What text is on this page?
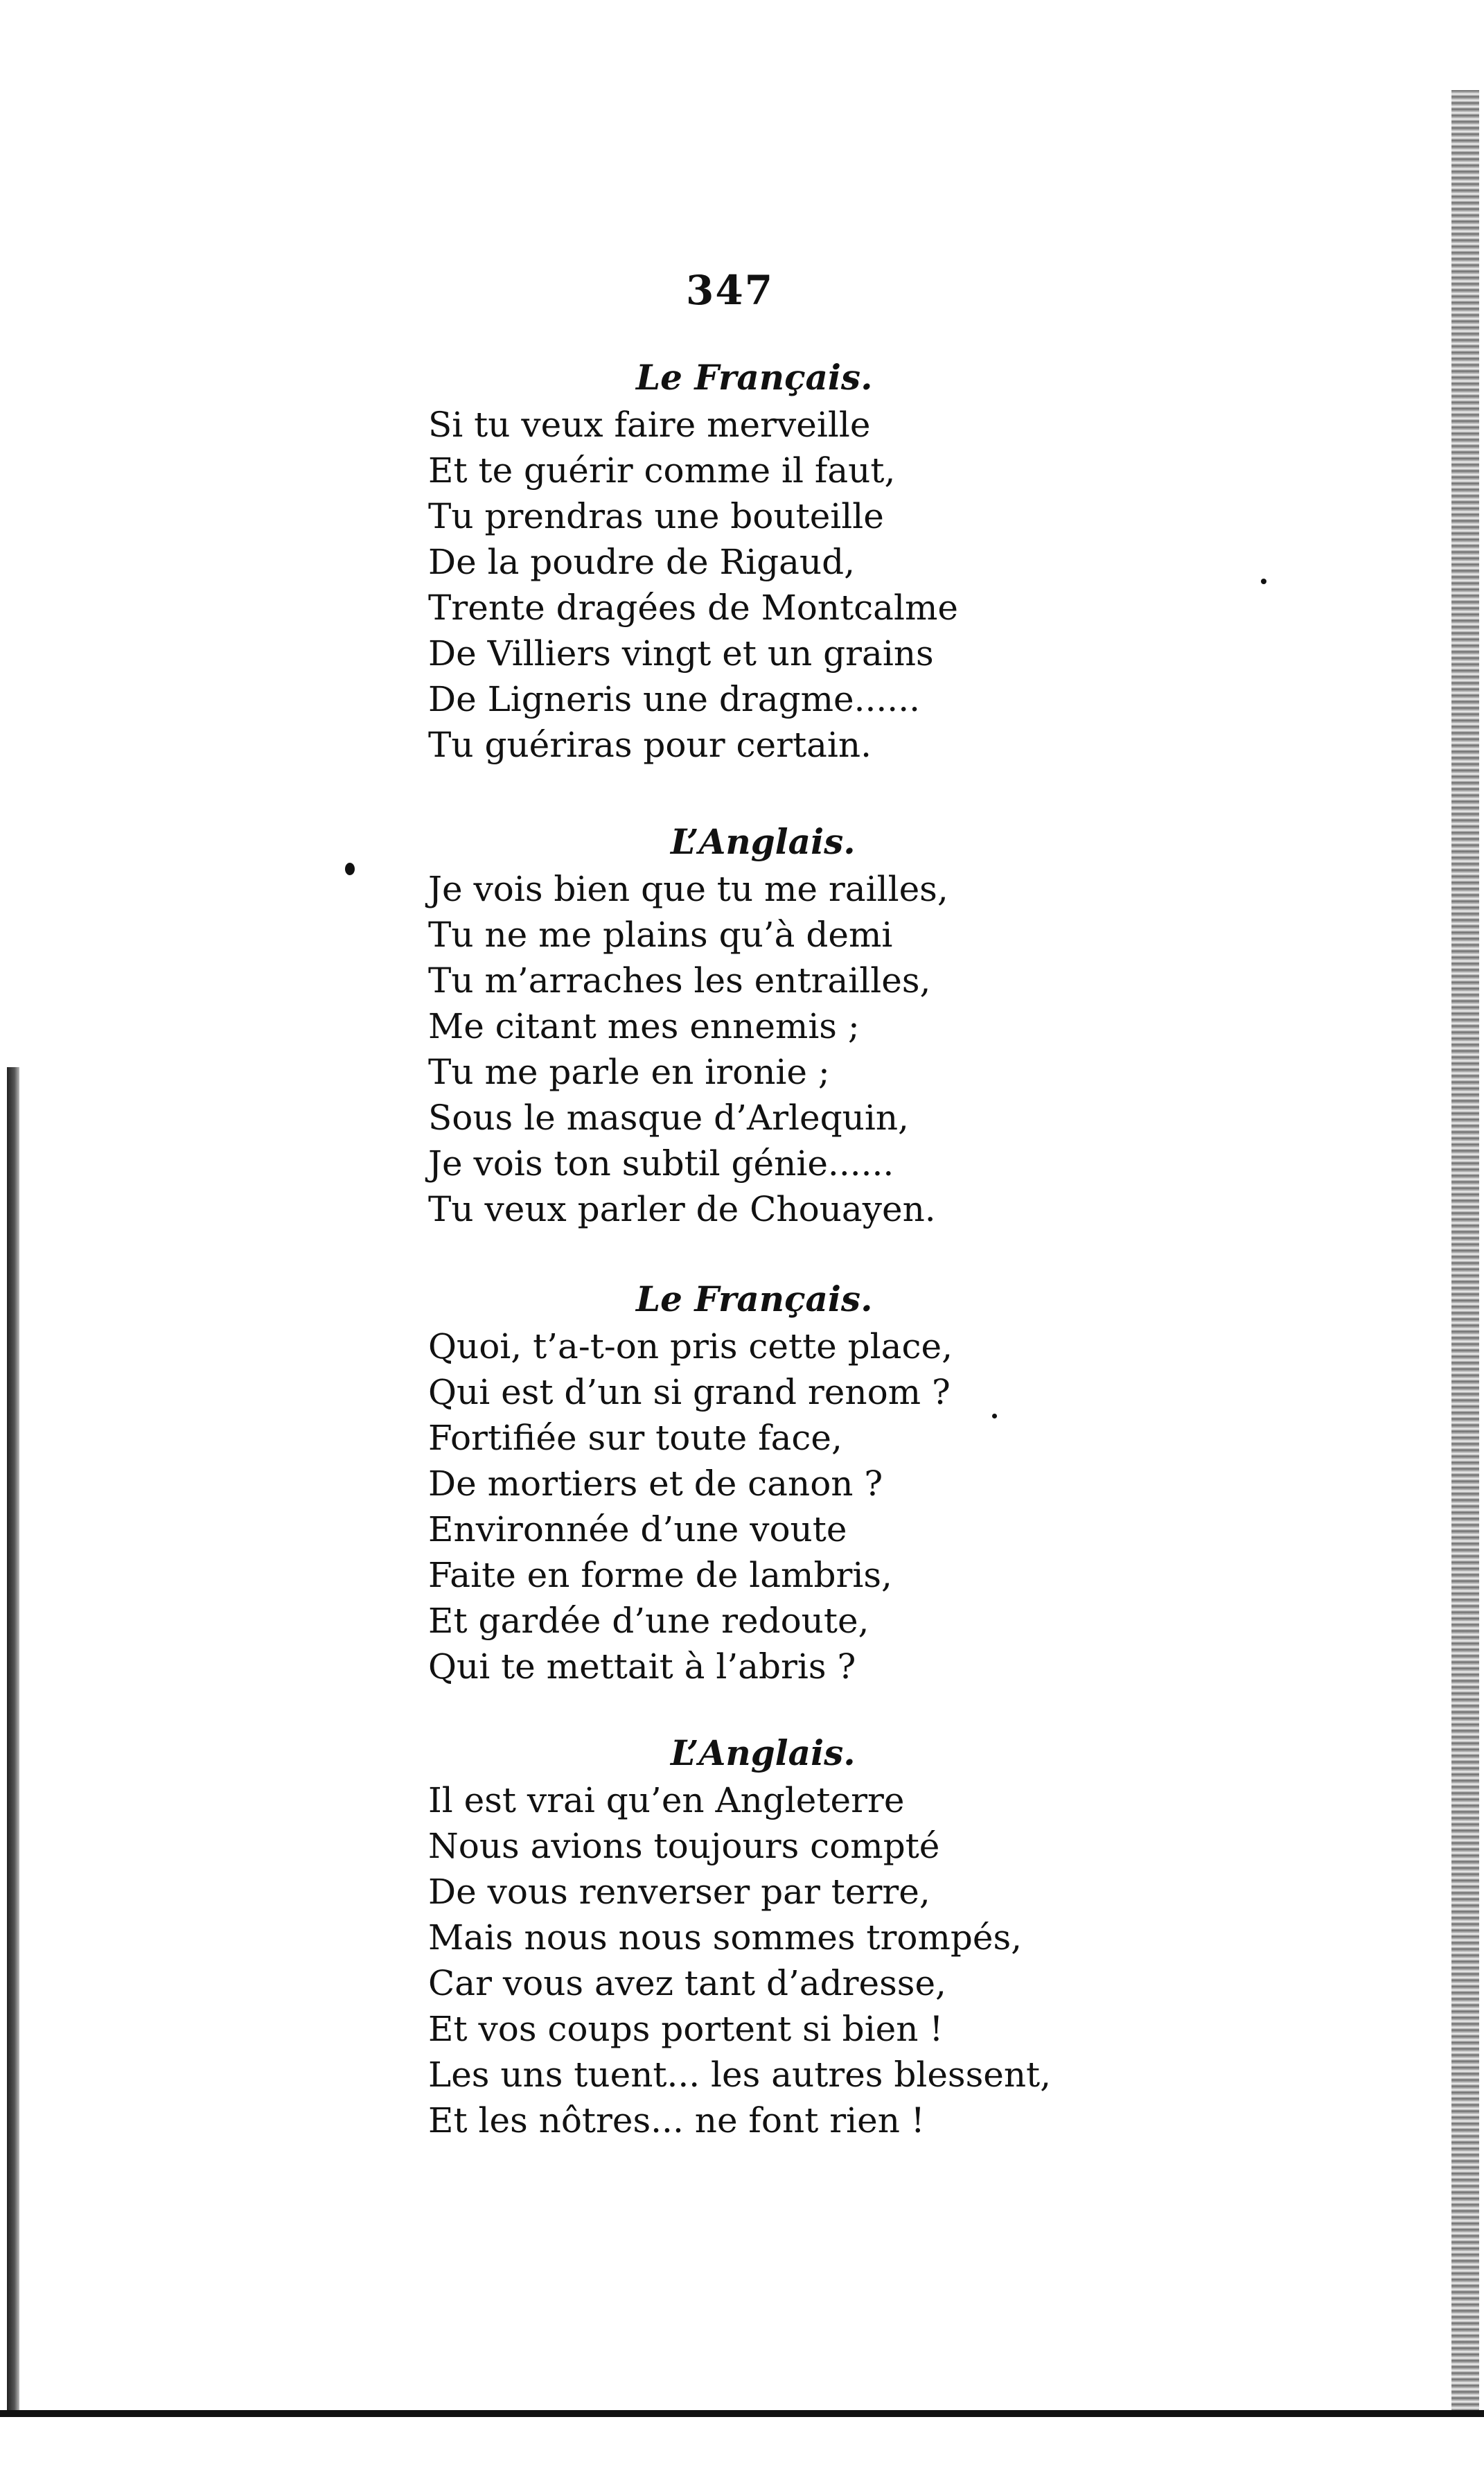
347
Le Français.
Si tu veux faire merveille
Et te guérir comme il faut,
Tu prendras une bouteille
De la poudre de Rigaud,
Trente dragées de Montcalme
De Villiers vingt et un grains
De Ligneris une dragme......
Tu guériras pour certain.
L’Anglais.
Je vois bien que tu me railles,
Tu ne me plains qu’à demi
Tu m’arraches les entrailles,
Me citant mes ennemis ;
Tu me parle en ironie ;
Sous le masque d’Arlequin,
Je vois ton subtil génie......
Tu veux parler de Chouayen.
Le Français.
Quoi, t’a-t-on pris cette place,
Qui est d’un si grand renom ?
Fortifiée sur toute face,
De mortiers et de canon ?
Environnée d’une voute
Faite en forme de lambris,
Et gardée d’une redoute,
Qui te mettait à l’abris ?
L’Anglais.
Il est vrai qu’en Angleterre
Nous avions toujours compté
De vous renverser par terre,
Mais nous nous sommes trompés,
Car vous avez tant d’adresse,
Et vos coups portent si bien !
Les uns tuent... les autres blessent,
Et les nôtres... ne font rien !
